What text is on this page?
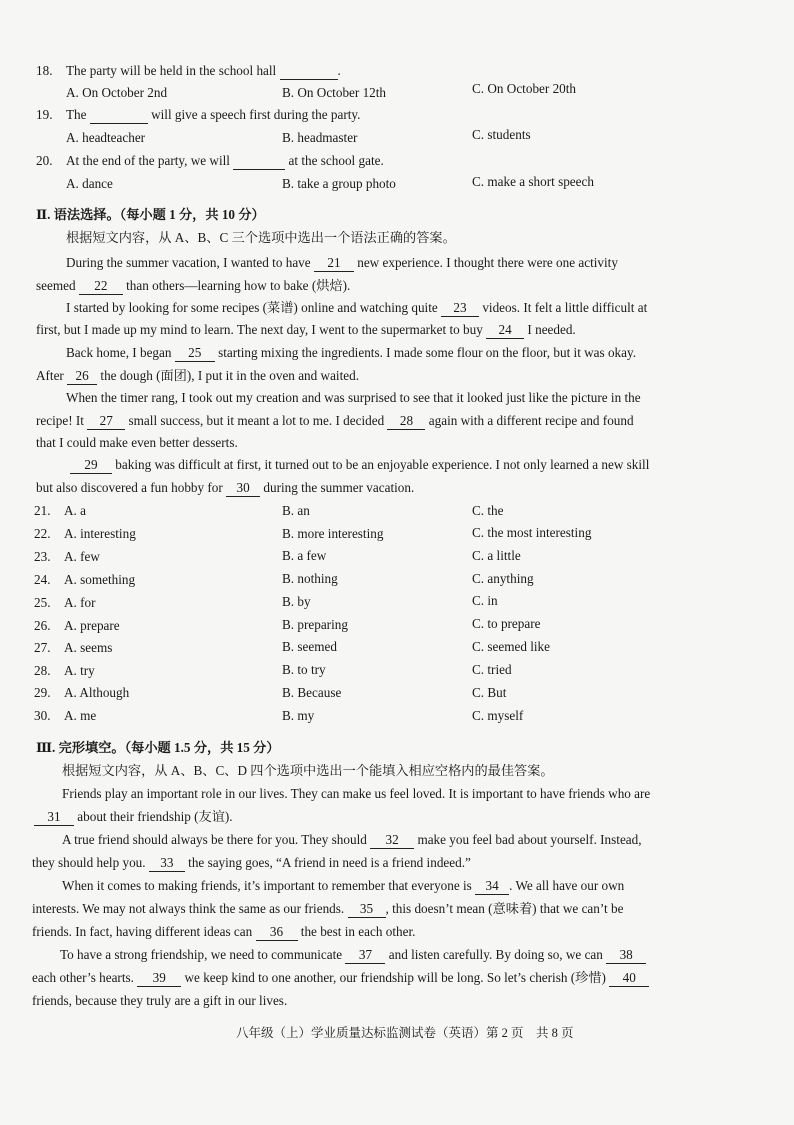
18. The party will be held in the school hall	.
A. On October 2nd	B. On October 12th	C. On October 20th
19. The	will give a speech first during the party.
A. headteacher	B. headmaster	C. students
20. At the end of the party, we will	at the school gate.
A. dance	B. take a group photo	C. make a short speech
Ⅱ. 语法选择。（每小题 1 分，共 10 分）
根据短文内容，从 A、B、C 三个选项中选出一个语法正确的答案。
During the summer vacation, I wanted to have 21 new experience. I thought there were one activity
seemed 22 than others—learning how to bake (烘焙).
I started by looking for some recipes (菜谱) online and watching quite 23 videos. It felt a little difficult at
first, but I made up my mind to learn. The next day, I went to the supermarket to buy 24 I needed.
Back home, I began 25 starting mixing the ingredients. I made some flour on the floor, but it was okay.
After 26 the dough (面团), I put it in the oven and waited.
When the timer rang, I took out my creation and was surprised to see that it looked just like the picture in the
recipe! It 27 small success, but it meant a lot to me. I decided 28 again with a different recipe and found
that I could make even better desserts.
29 baking was difficult at first, it turned out to be an enjoyable experience. I not only learned a new skill
but also discovered a fun hobby for 30 during the summer vacation.
21. A. a	B. an	C. the
22. A. interesting	B. more interesting	C. the most interesting
23. A. few	B. a few	C. a little
24. A. something	B. nothing	C. anything
25. A. for	B. by	C. in
26. A. prepare	B. preparing	C. to prepare
27. A. seems	B. seemed	C. seemed like
28. A. try	B. to try	C. tried
29. A. Although	B. Because	C. But
30. A. me	B. my	C. myself
Ⅲ. 完形填空。（每小题 1.5 分，共 15 分）
根据短文内容，从 A、B、C、D 四个选项中选出一个能填入相应空格内的最佳答案。
Friends play an important role in our lives. They can make us feel loved. It is important to have friends who are
31 about their friendship (友谊).
A true friend should always be there for you. They should 32 make you feel bad about yourself. Instead,
they should help you. 33 the saying goes, “A friend in need is a friend indeed.”
When it comes to making friends, it’s important to remember that everyone is 34 . We all have our own
interests. We may not always think the same as our friends. 35 , this doesn’t mean (意味着) that we can’t be
friends. In fact, having different ideas can 36 the best in each other.
To have a strong friendship, we need to communicate 37 and listen carefully. By doing so, we can 38
each other’s hearts. 39 we keep kind to one another, our friendship will be long. So let’s cherish (珍惜) 40
friends, because they truly are a gift in our lives.
八年级（上）学业质量达标监测试卷（英语）第 2 页　共 8 页
